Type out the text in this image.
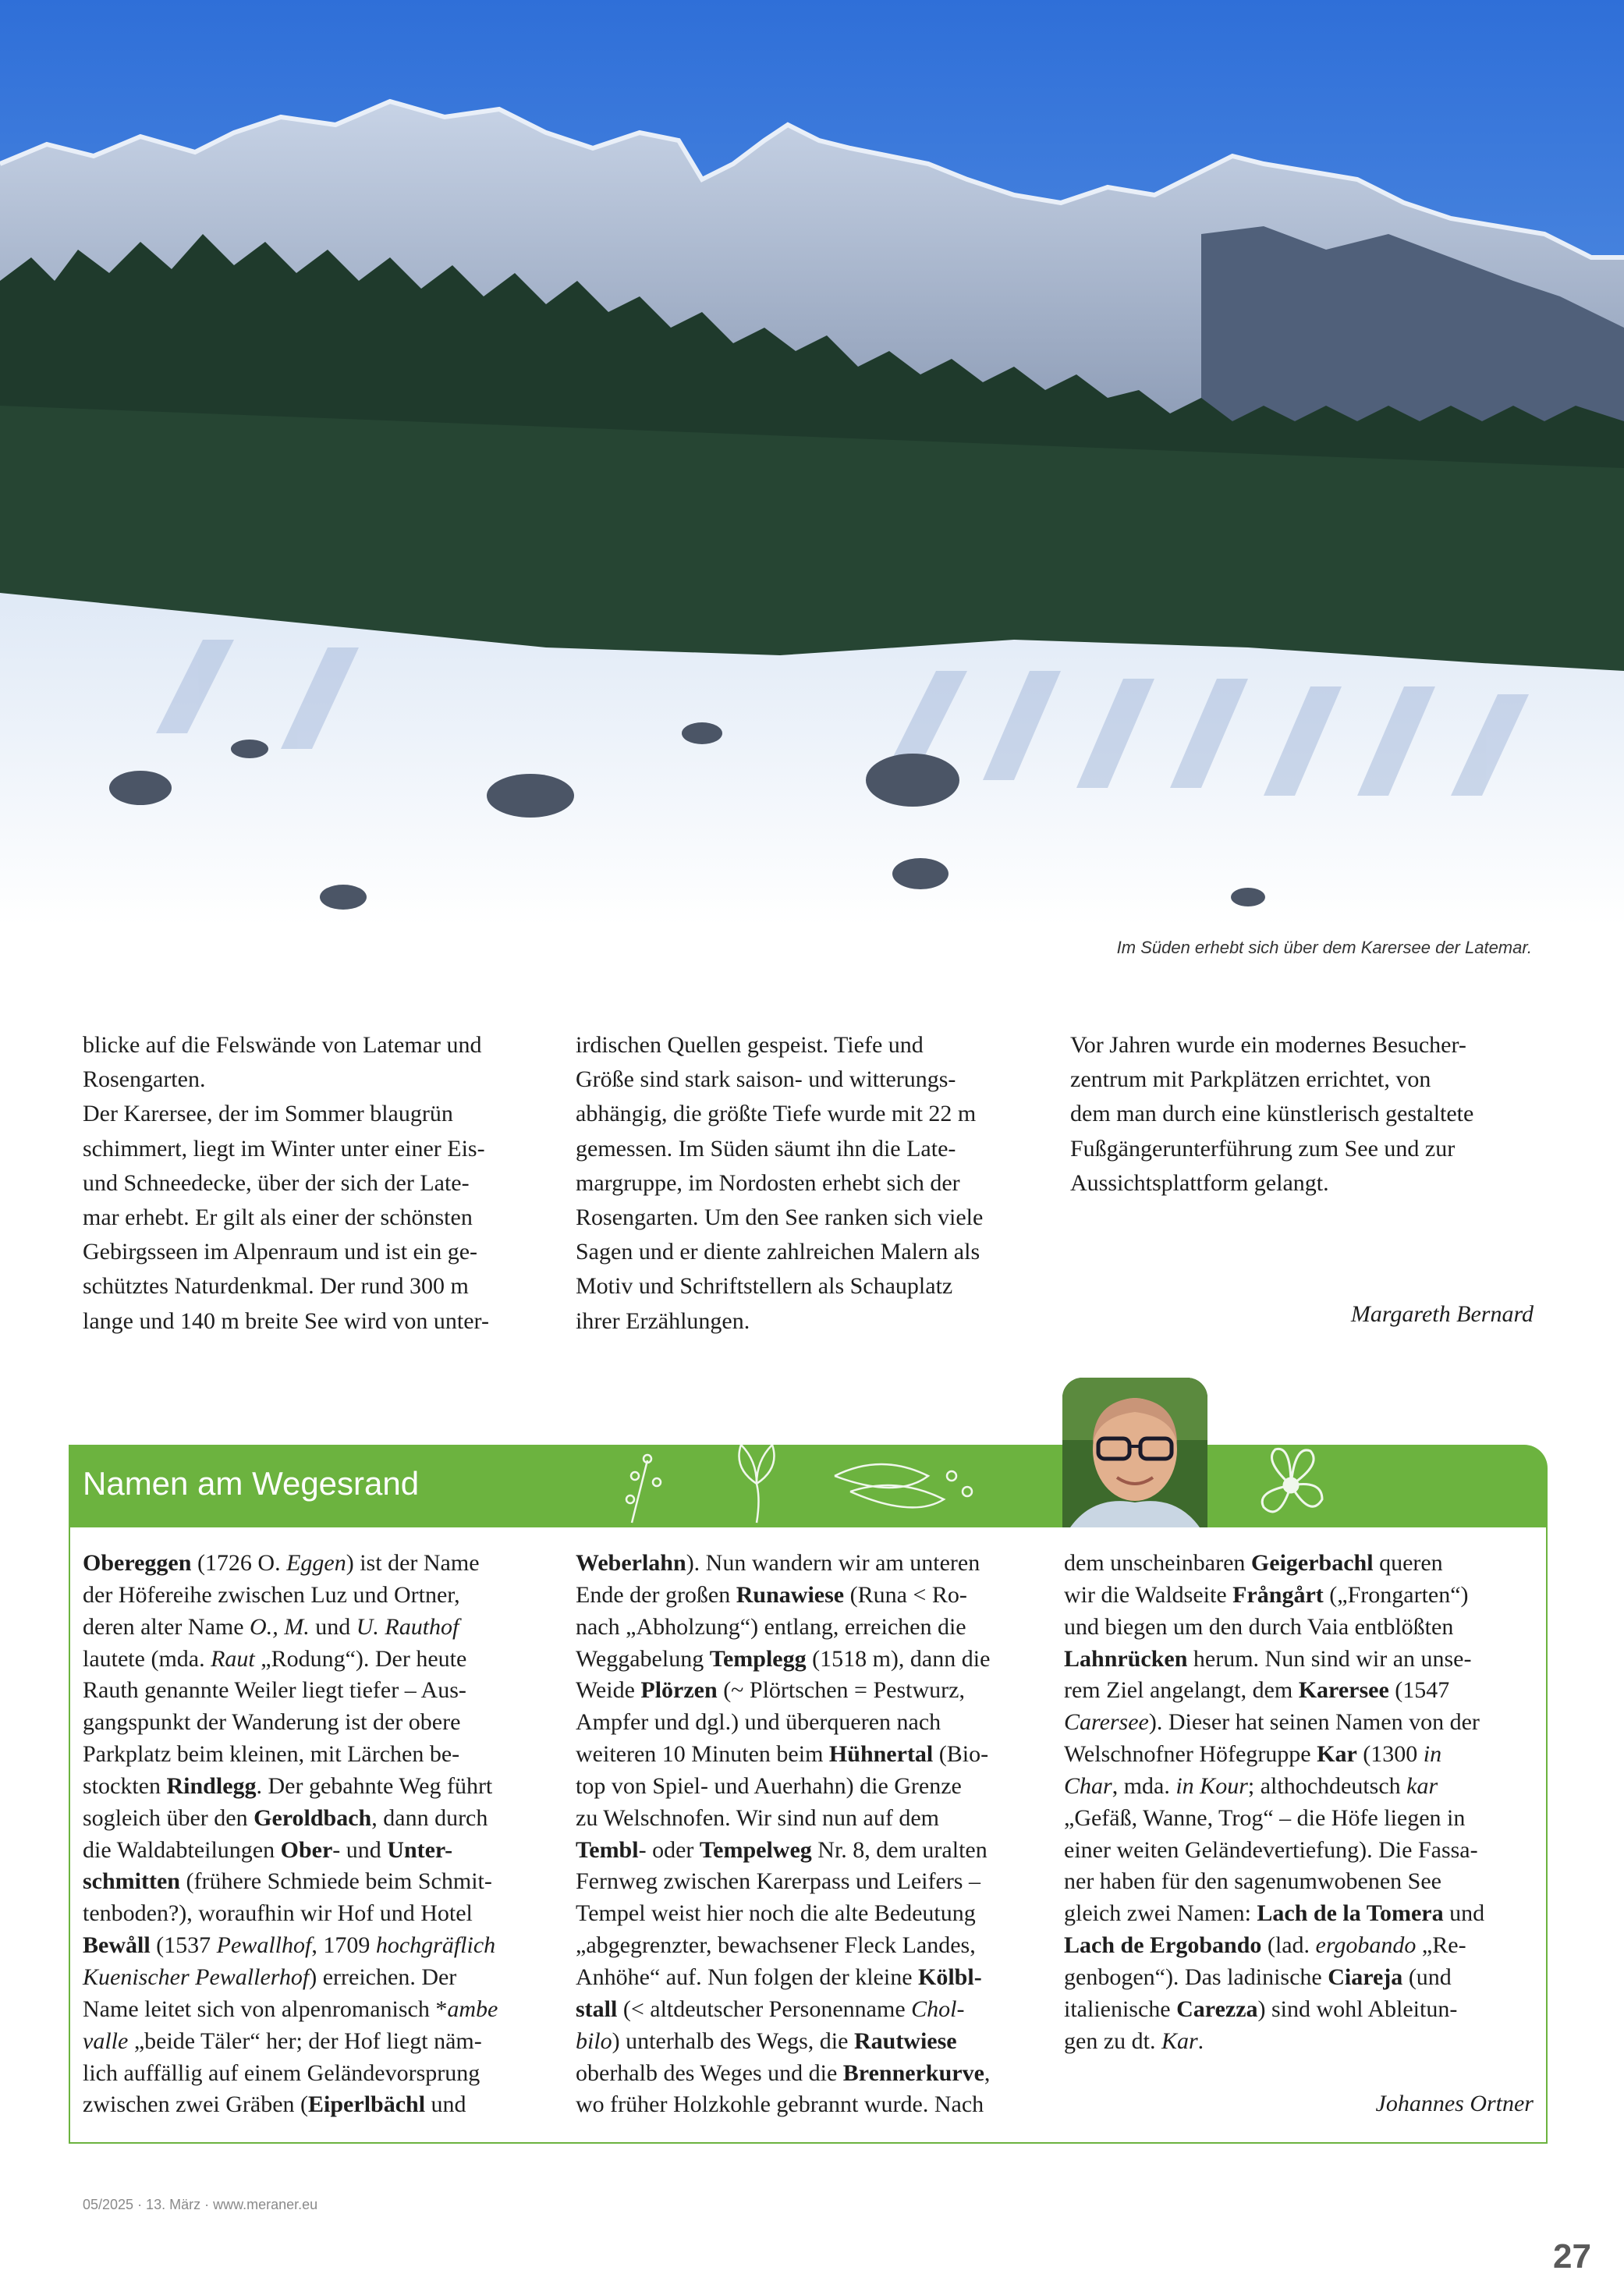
Im Süden erhebt sich über dem Karersee der Latemar.
blicke auf die Felswände von Latemar und
Rosengarten.
Der Karersee, der im Sommer blaugrün
schimmert, liegt im Winter unter einer Eis-
und Schneedecke, über der sich der Late-
mar erhebt. Er gilt als einer der schönsten
Gebirgsseen im Alpenraum und ist ein ge-
schütztes Naturdenkmal. Der rund 300 m
lange und 140 m breite See wird von unter-
irdischen Quellen gespeist. Tiefe und
Größe sind stark saison- und witterungs-
abhängig, die größte Tiefe wurde mit 22 m
gemessen. Im Süden säumt ihn die Late-
margruppe, im Nordosten erhebt sich der
Rosengarten. Um den See ranken sich viele
Sagen und er diente zahlreichen Malern als
Motiv und Schriftstellern als Schauplatz
ihrer Erzählungen.
Vor Jahren wurde ein modernes Besucher-
zentrum mit Parkplätzen errichtet, von
dem man durch eine künstlerisch gestaltete
Fußgängerunterführung zum See und zur
Aussichtsplattform gelangt.
Margareth Bernard
Namen am Wegesrand
Obereggen (1726 O. Eggen) ist der Name
der Höfereihe zwischen Luz und Ortner,
deren alter Name O., M. und U. Rauthof
lautete (mda. Raut „Rodung“). Der heute
Rauth genannte Weiler liegt tiefer – Aus-
gangspunkt der Wanderung ist der obere
Parkplatz beim kleinen, mit Lärchen be-
stockten Rindlegg. Der gebahnte Weg führt
sogleich über den Geroldbach, dann durch
die Waldabteilungen Ober- und Unter-
schmitten (frühere Schmiede beim Schmit-
tenboden?), woraufhin wir Hof und Hotel
Bewåll (1537 Pewallhof, 1709 hochgräflich
Kuenischer Pewallerhof) erreichen. Der
Name leitet sich von alpenromanisch *ambe
valle „beide Täler“ her; der Hof liegt näm-
lich auffällig auf einem Geländevorsprung
zwischen zwei Gräben (Eiperlbächl und
Weberlahn). Nun wandern wir am unteren
Ende der großen Runawiese (Runa < Ro-
nach „Abholzung“) entlang, erreichen die
Weggabelung Templegg (1518 m), dann die
Weide Plörzen (~ Plörtschen = Pestwurz,
Ampfer und dgl.) und überqueren nach
weiteren 10 Minuten beim Hühnertal (Bio-
top von Spiel- und Auerhahn) die Grenze
zu Welschnofen. Wir sind nun auf dem
Tembl- oder Tempelweg Nr. 8, dem uralten
Fernweg zwischen Karerpass und Leifers –
Tempel weist hier noch die alte Bedeutung
„abgegrenzter, bewachsener Fleck Landes,
Anhöhe“ auf. Nun folgen der kleine Kölbl-
stall (< altdeutscher Personenname Chol-
bilo) unterhalb des Wegs, die Rautwiese
oberhalb des Weges und die Brennerkurve,
wo früher Holzkohle gebrannt wurde. Nach
dem unscheinbaren Geigerbachl queren
wir die Waldseite Frångårt („Frongarten“)
und biegen um den durch Vaia entblößten
Lahnrücken herum. Nun sind wir an unse-
rem Ziel angelangt, dem Karersee (1547
Carersee). Dieser hat seinen Namen von der
Welschnofner Höfegruppe Kar (1300 in
Char, mda. in Kour; althochdeutsch kar
„Gefäß, Wanne, Trog“ – die Höfe liegen in
einer weiten Geländevertiefung). Die Fassa-
ner haben für den sagenumwobenen See
gleich zwei Namen: Lach de la Tomera und
Lach de Ergobando (lad. ergobando „Re-
genbogen“). Das ladinische Ciareja (und
italienische Carezza) sind wohl Ableitun-
gen zu dt. Kar.
Johannes Ortner
05/2025 · 13. März · www.meraner.eu
27
